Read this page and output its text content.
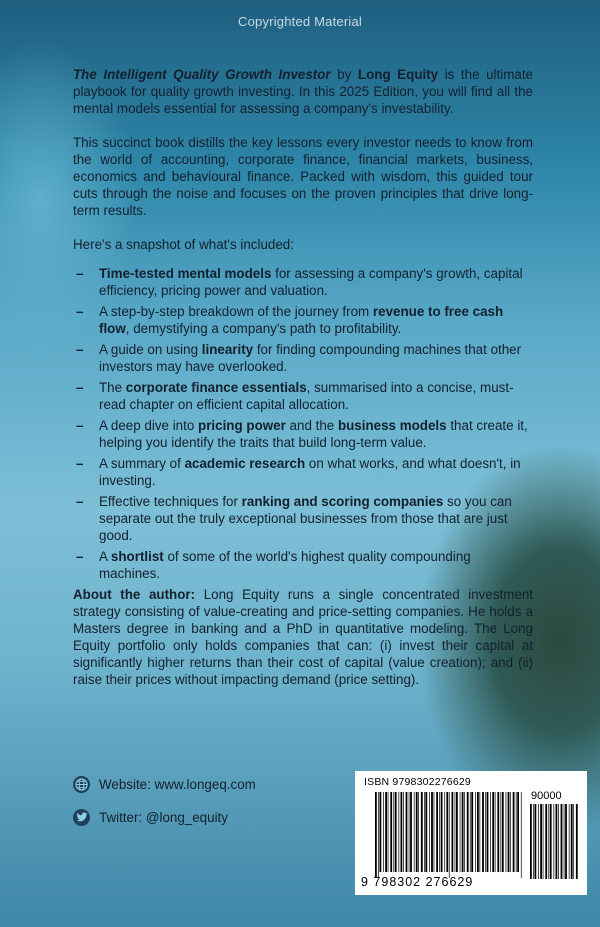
Copyrighted Material

The Intelligent Quality Growth Investor by Long Equity is the ultimate playbook for quality growth investing. In this 2025 Edition, you will find all the mental models essential for assessing a company's investability.

This succinct book distills the key lessons every investor needs to know from the world of accounting, corporate finance, financial markets, business, economics and behavioural finance. Packed with wisdom, this guided tour cuts through the noise and focuses on the proven principles that drive long-term results.

Here's a snapshot of what's included:

– Time-tested mental models for assessing a company's growth, capital efficiency, pricing power and valuation.
– A step-by-step breakdown of the journey from revenue to free cash flow, demystifying a company's path to profitability.
– A guide on using linearity for finding compounding machines that other investors may have overlooked.
– The corporate finance essentials, summarised into a concise, must-read chapter on efficient capital allocation.
– A deep dive into pricing power and the business models that create it, helping you identify the traits that build long-term value.
– A summary of academic research on what works, and what doesn't, in investing.
– Effective techniques for ranking and scoring companies so you can separate out the truly exceptional businesses from those that are just good.
– A shortlist of some of the world's highest quality compounding machines.

About the author: Long Equity runs a single concentrated investment strategy consisting of value-creating and price-setting companies. He holds a Masters degree in banking and a PhD in quantitative modeling. The Long Equity portfolio only holds companies that can: (i) invest their capital at significantly higher returns than their cost of capital (value creation); and (ii) raise their prices without impacting demand (price setting).

Website: www.longeq.com
Twitter: @long_equity
ISBN 9798302276629
90000
9 798302 276629
